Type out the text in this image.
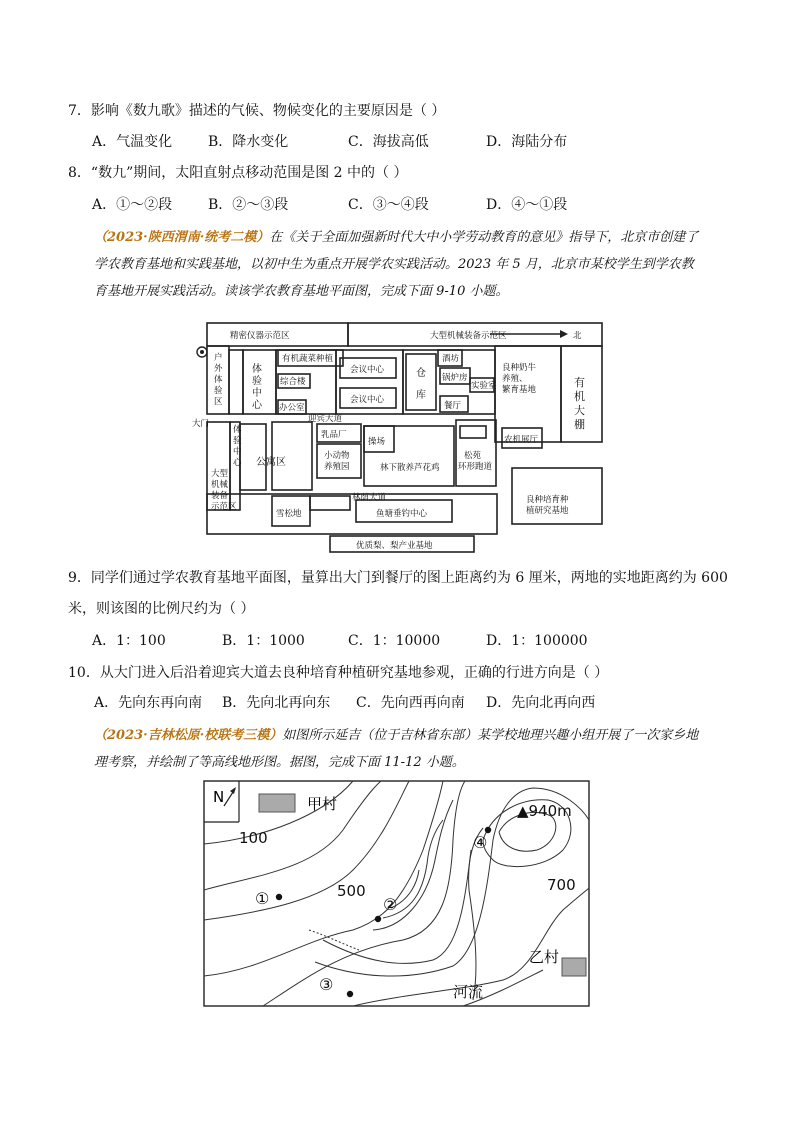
7．影响《数九歌》描述的气候、物候变化的主要原因是（ ）
A．气温变化	B．降水变化	C．海拔高低	D．海陆分布
8．“数九”期间，太阳直射点移动范围是图 2 中的（ ）
A．①～②段	B．②～③段	C．③～④段	D．④～①段
（2023·陕西渭南·统考二模）在《关于全面加强新时代大中小学劳动教育的意见》指导下，北京市创建了学农教育基地和实践基地，以初中生为重点开展学农实践活动。2023 年 5 月，北京市某校学生到学农教育基地开展实践活动。读该学农教育基地平面图，完成下面 9-10 小题。
精密仪器示范区	大型机械装备示范区	北
户外体验区
体验中心
有机蔬菜种植
综合楼
办公室
会议中心
会议中心
仓库
酒坊
锅炉房
实验室
餐厅
良种奶牛养殖、繁育基地
有机大棚
大门	迎宾大道
乳品厂
小动物养殖园
操场
公寓区
体验中心
大型机械装备示范区
林下散养芦花鸡
松苑环形跑道
农机展厅
林荫大道	良种培育种植研究基地
雪松地	鱼塘垂钓中心
优质梨、梨产业基地
9．同学们通过学农教育基地平面图，量算出大门到餐厅的图上距离约为 6 厘米，两地的实地距离约为 600
米，则该图的比例尺约为（ ）
A．1：100	B．1：1000	C．1：10000	D．1：100000
10．从大门进入后沿着迎宾大道去良种培育种植研究基地参观，正确的行进方向是（ ）
A．先向东再向南 B．先向北再向东 C．先向西再向南 D．先向北再向西
（2023·吉林松原·校联考三模）如图所示延吉（位于吉林省东部）某学校地理兴趣小组开展了一次家乡地理考察，并绘制了等高线地形图。据图，完成下面 11-12 小题。
N	甲村
乙村
100
500	700
▲940m
河流
①	②
③
④
